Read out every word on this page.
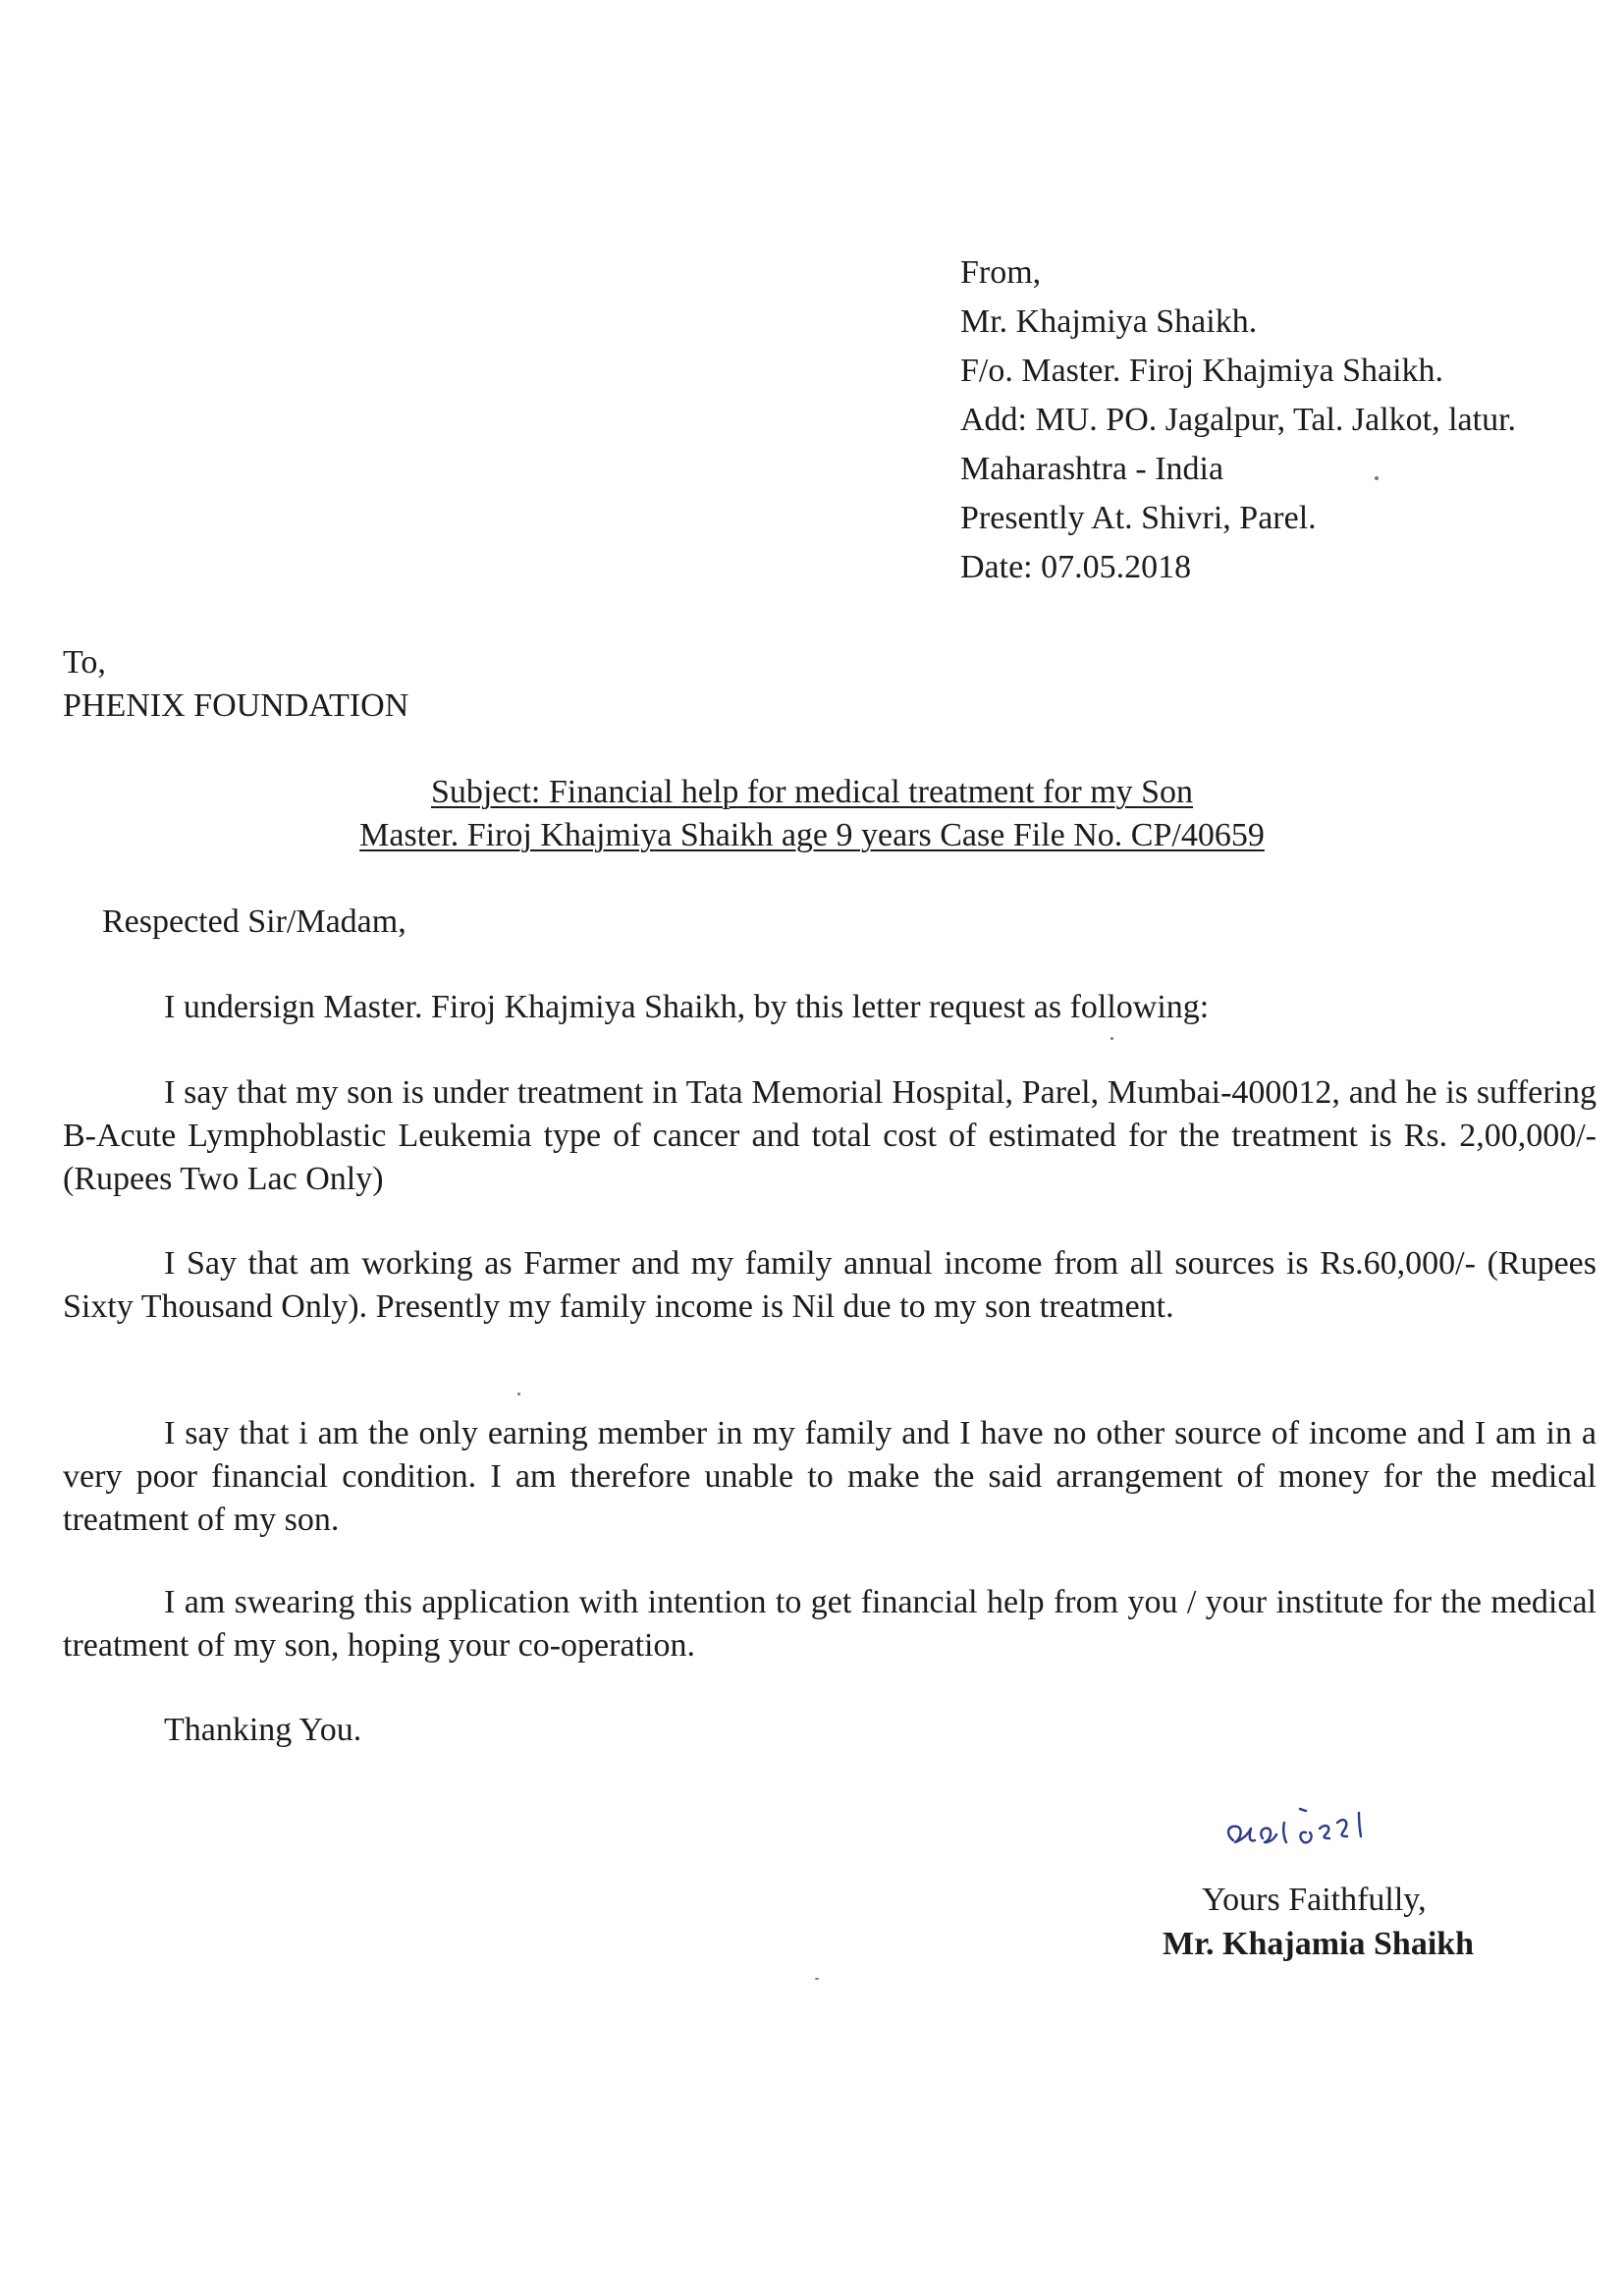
From,
Mr. Khajmiya Shaikh.
F/o. Master. Firoj Khajmiya Shaikh.
Add: MU. PO. Jagalpur, Tal. Jalkot, latur.
Maharashtra - India
Presently At. Shivri, Parel.
Date: 07.05.2018
To,
PHENIX FOUNDATION
Subject: Financial help for medical treatment for my Son
Master. Firoj Khajmiya Shaikh age 9 years Case File No. CP/40659
Respected Sir/Madam,

I undersign Master. Firoj Khajmiya Shaikh, by this letter request as following:

I say that my son is under treatment in Tata Memorial Hospital, Parel, Mumbai-400012, and he is suffering B-Acute Lymphoblastic Leukemia type of cancer and total cost of estimated for the treatment is Rs. 2,00,000/- (Rupees Two Lac Only)

I Say that am working as Farmer and my family annual income from all sources is Rs.60,000/- (Rupees Sixty Thousand Only). Presently my family income is Nil due to my son treatment.

I say that i am the only earning member in my family and I have no other source of income and I am in a very poor financial condition. I am therefore unable to make the said arrangement of money for the medical treatment of my son.

I am swearing this application with intention to get financial help from you / your institute for the medical treatment of my son, hoping your co-operation.

Thanking You.
Yours Faithfully,
Mr. Khajamia Shaikh
